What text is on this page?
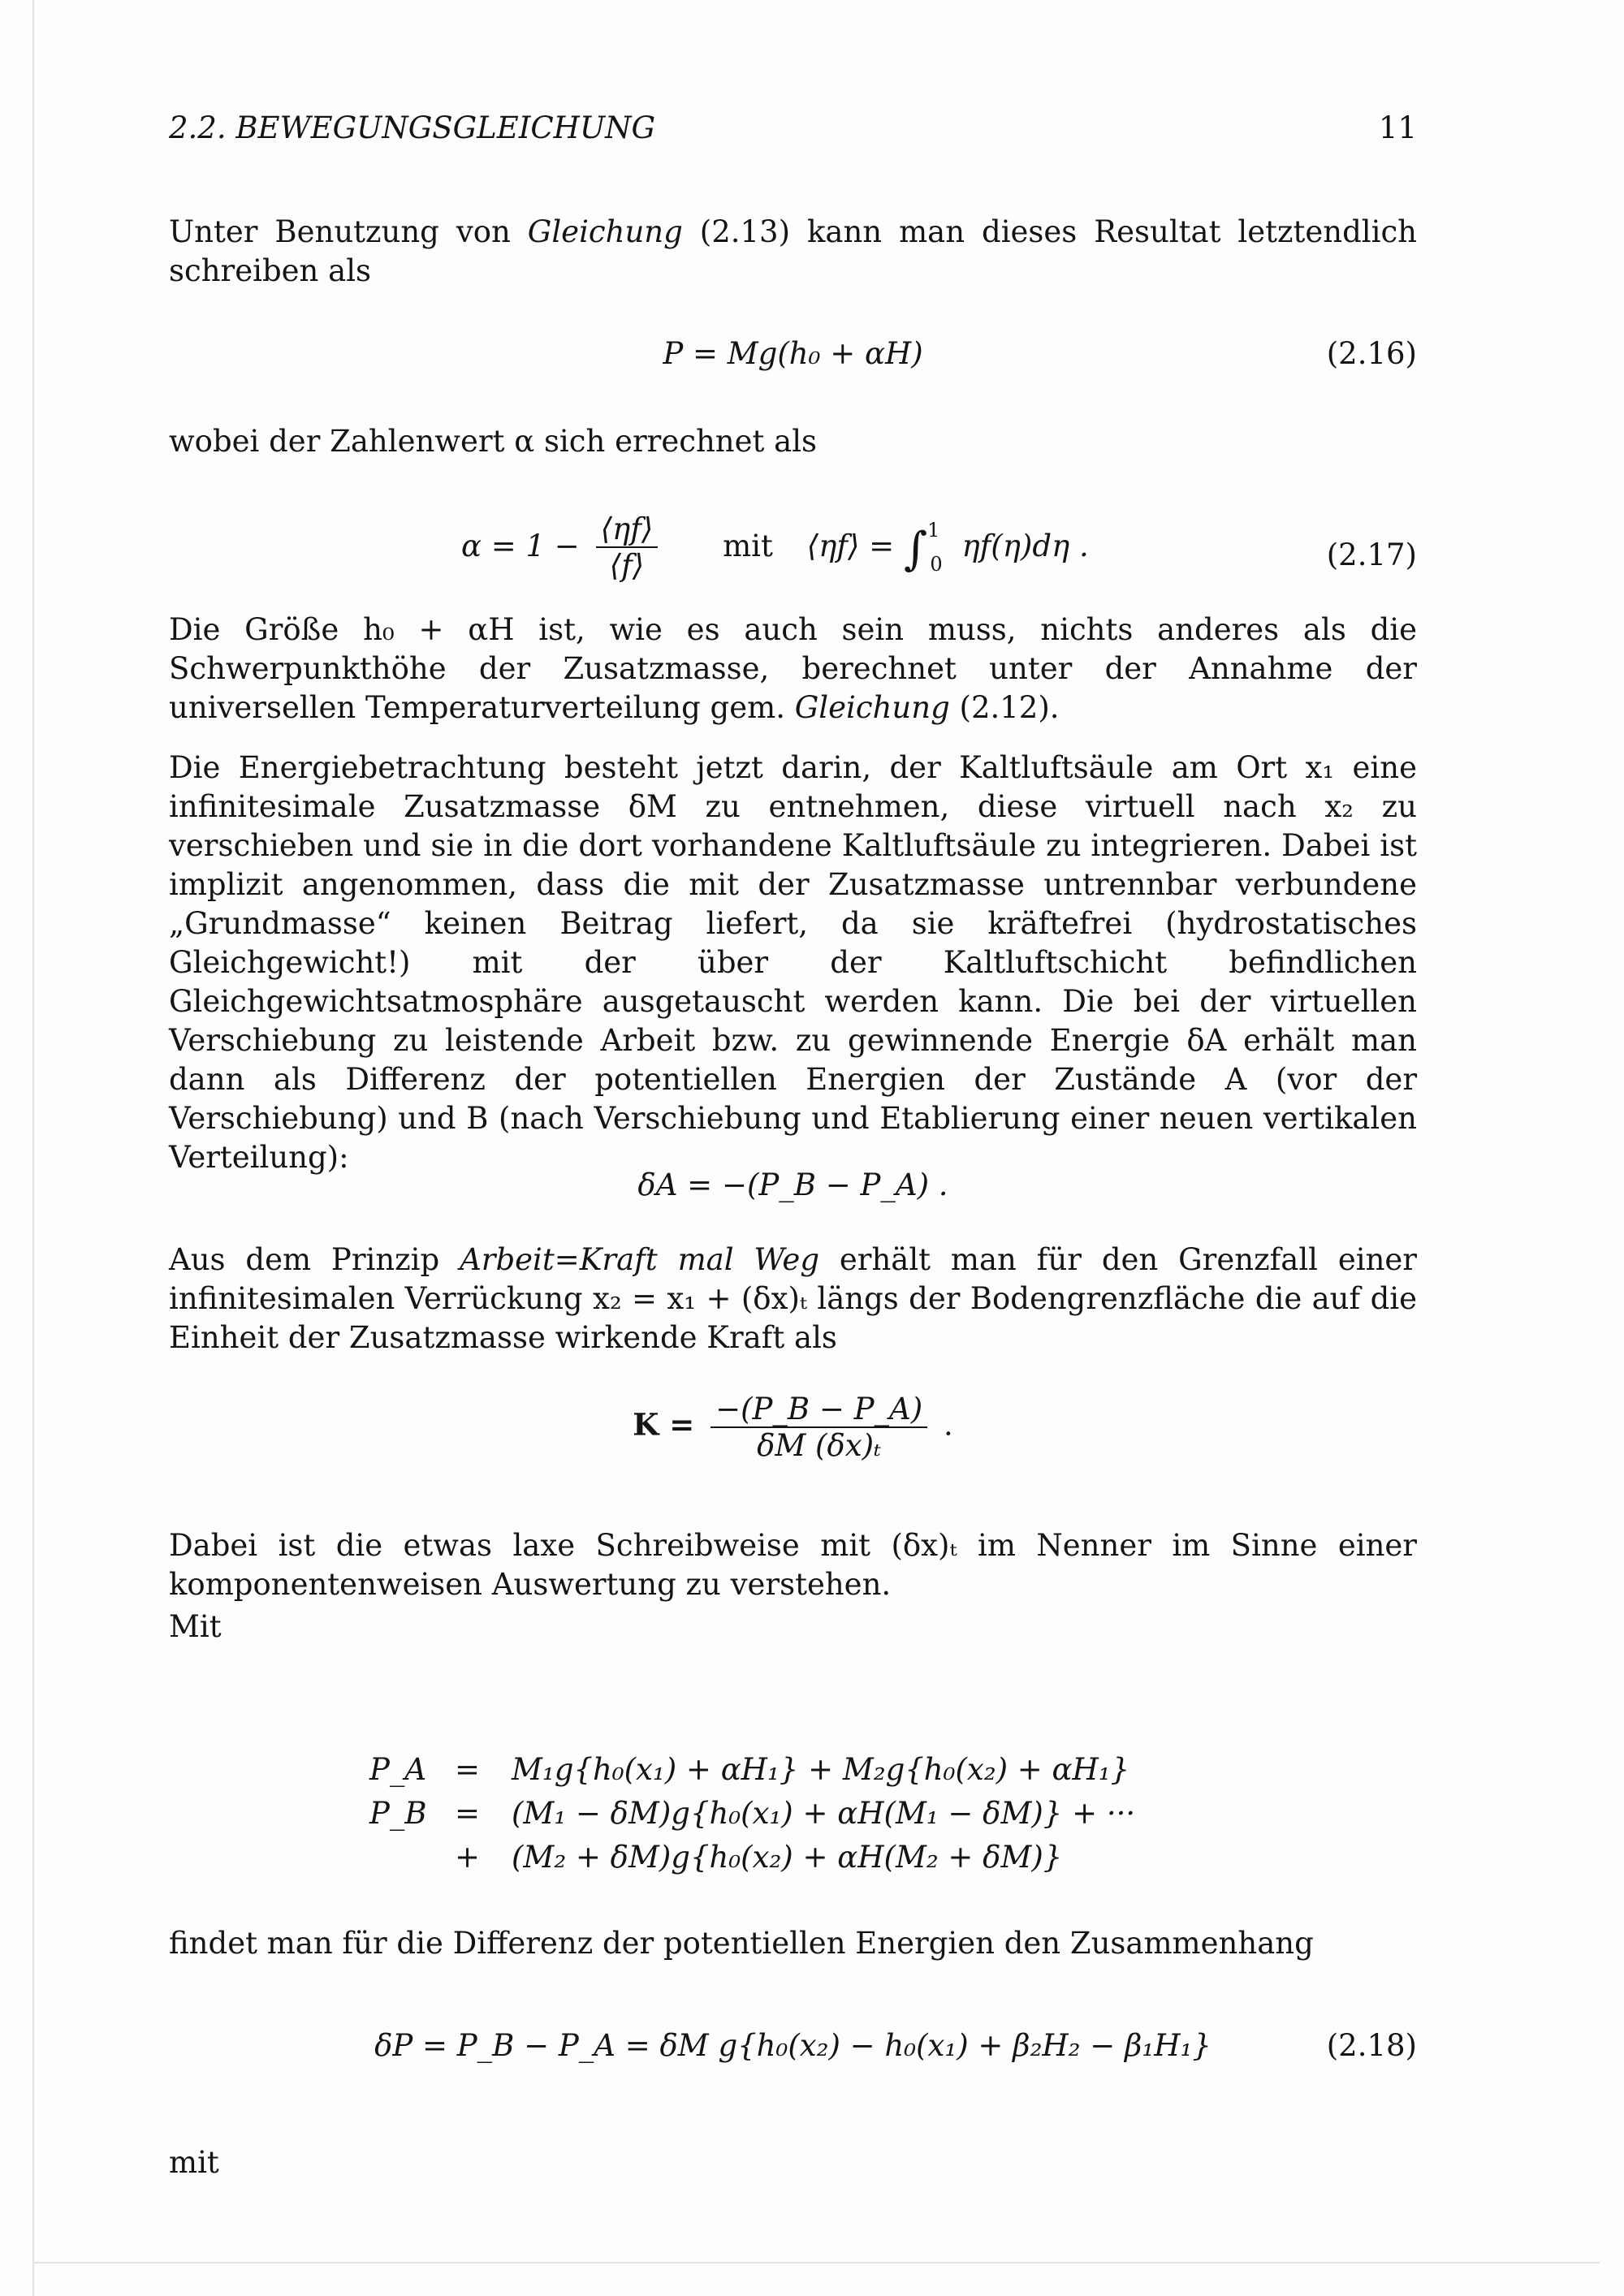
2.2. BEWEGUNGSGLEICHUNG	11

Unter Benutzung von Gleichung (2.13) kann man dieses Resultat letztendlich schreiben als

P = Mg(h₀ + αH)	(2.16)

wobei der Zahlenwert α sich errechnet als

$\alpha = 1 - \frac{⟨\eta f⟩}{⟨f⟩}$ mit ⟨ηf⟩ = ∫$^1_0$ ηf(η)dη .	(2.17)

Die Größe h₀ + αH ist, wie es auch sein muss, nichts anderes als die Schwerpunkthöhe der Zusatzmasse, berechnet unter der Annahme der universellen Temperaturverteilung gem. Gleichung (2.12).

Die Energiebetrachtung besteht jetzt darin, der Kaltluftsäule am Ort x₁ eine infinitesimale Zusatzmasse δM zu entnehmen, diese virtuell nach x₂ zu verschieben und sie in die dort vorhandene Kaltluftsäule zu integrieren. Dabei ist implizit angenommen, dass die mit der Zusatzmasse untrennbar verbundene „Grundmasse“ keinen Beitrag liefert, da sie kräftefrei (hydrostatisches Gleichgewicht!) mit der über der Kaltluftschicht befindlichen Gleichgewichtsatmosphäre ausgetauscht werden kann. Die bei der virtuellen Verschiebung zu leistende Arbeit bzw. zu gewinnende Energie δA erhält man dann als Differenz der potentiellen Energien der Zustände A (vor der Verschiebung) und B (nach Verschiebung und Etablierung einer neuen vertikalen Verteilung):

δA = −(P_B − P_A) .

Aus dem Prinzip Arbeit=Kraft mal Weg erhält man für den Grenzfall einer infinitesimalen Verrückung x₂ = x₁ + (δx)ₜ längs der Bodengrenzfläche die auf die Einheit der Zusatzmasse wirkende Kraft als

$K = \frac{-(P\_B - P\_A)}{\text{δM (δx)ₜ}}$ .

Dabei ist die etwas laxe Schreibweise mit (δx)ₜ im Nenner im Sinne einer komponentenweisen Auswertung zu verstehen.

Mit

P_A = M₁g{h₀(x₁) + αH₁} + M₂g{h₀(x₂) + αH₁}
P_B = (M₁ − δM)g{h₀(x₁) + αH(M₁ − δM)} + ···
+ (M₂ + δM)g{h₀(x₂) + αH(M₂ + δM)}

findet man für die Differenz der potentiellen Energien den Zusammenhang

δP = P_B − P_A = δM g{h₀(x₂) − h₀(x₁) + β₂H₂ − β₁H₁}	(2.18)

mit
